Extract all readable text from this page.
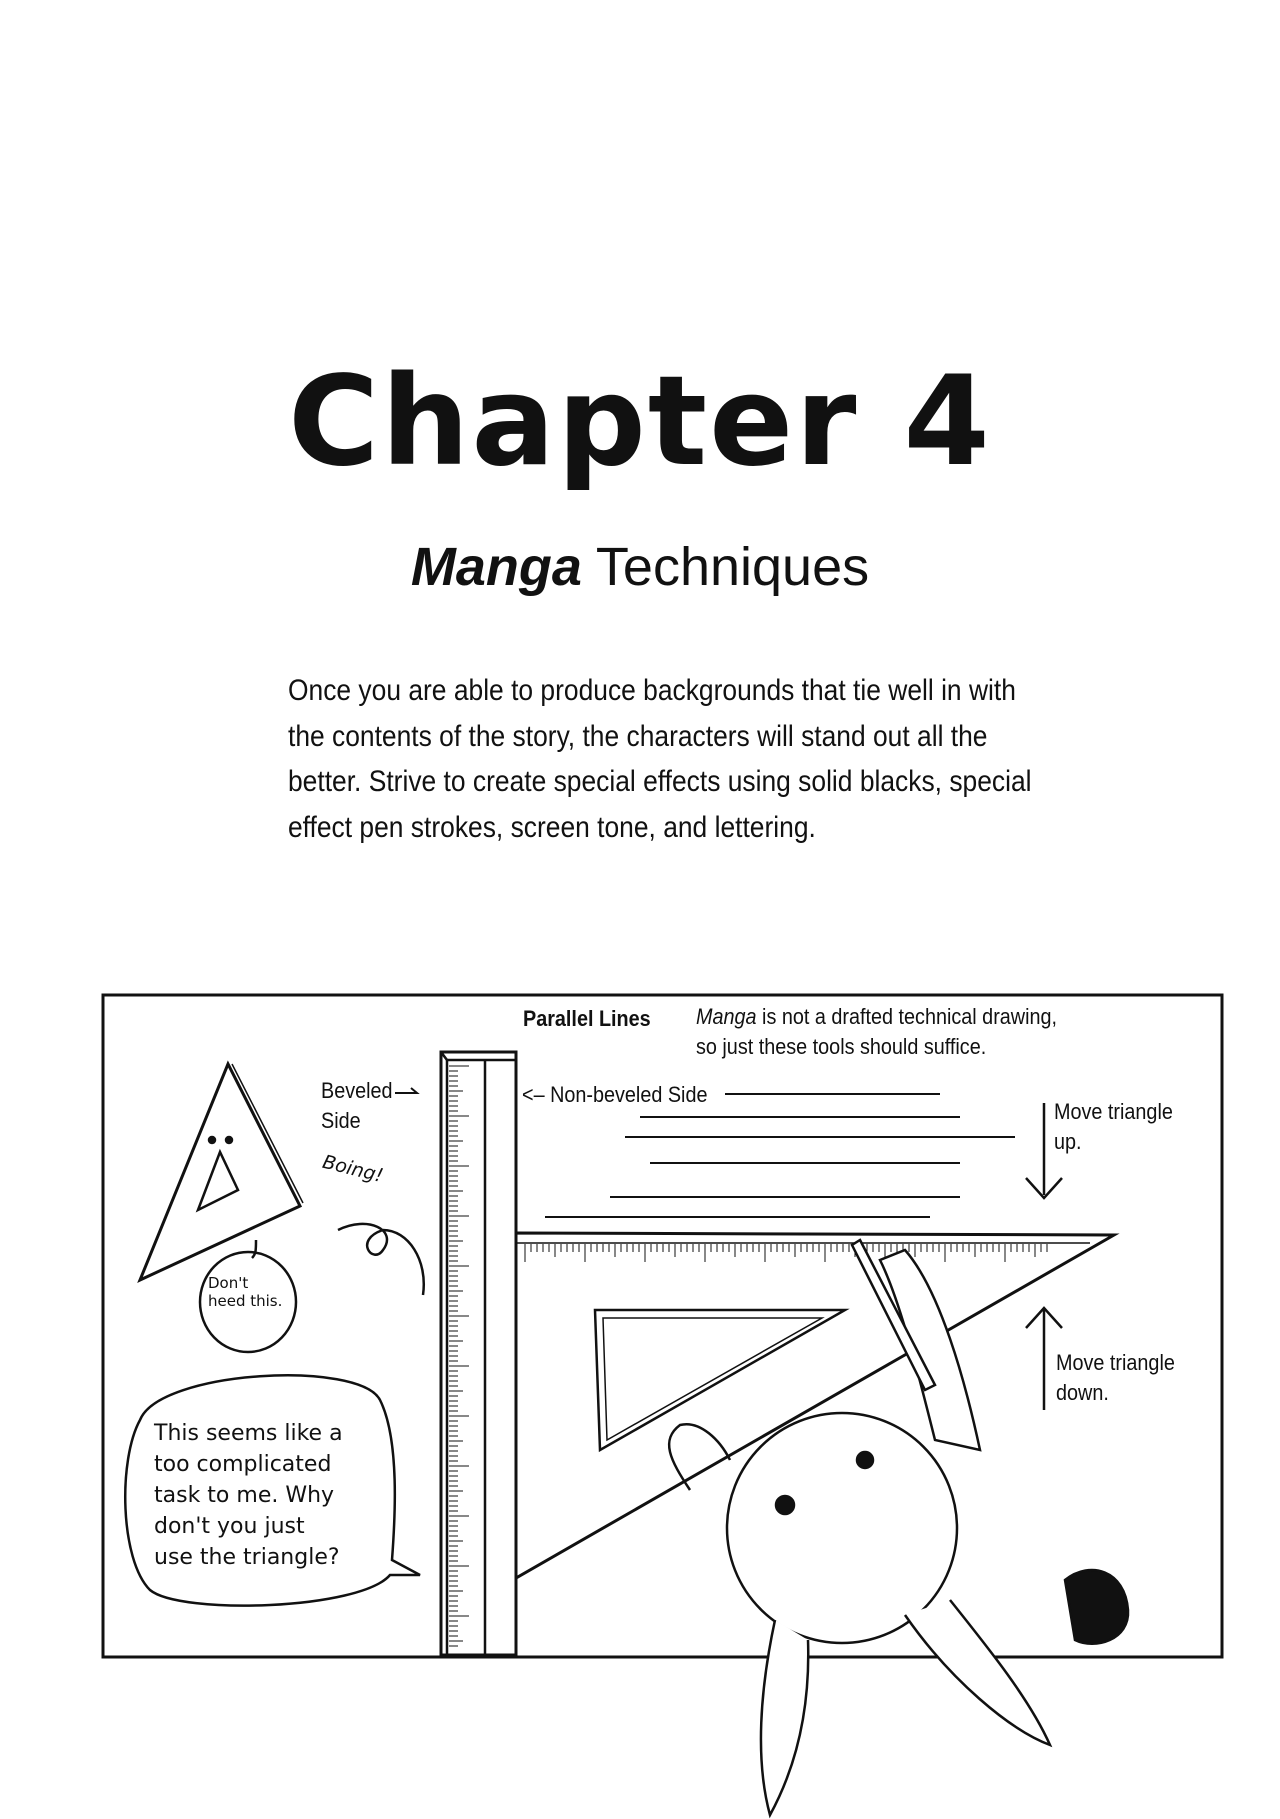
Chapter 4
Manga Techniques
Once you are able to produce backgrounds that tie well in with the contents of the story, the characters will stand out all the better. Strive to create special effects using solid blacks, special effect pen strokes, screen tone, and lettering.
Parallel Lines Manga is not a drafted technical drawing,
so just these tools should suffice.
Beveled
Side
<– Non-beveled Side
Move triangle
up.
Move triangle
down.
Boing!
Don't
heed this.
This seems like a
too complicated
task to me. Why
don't you just
use the triangle?
